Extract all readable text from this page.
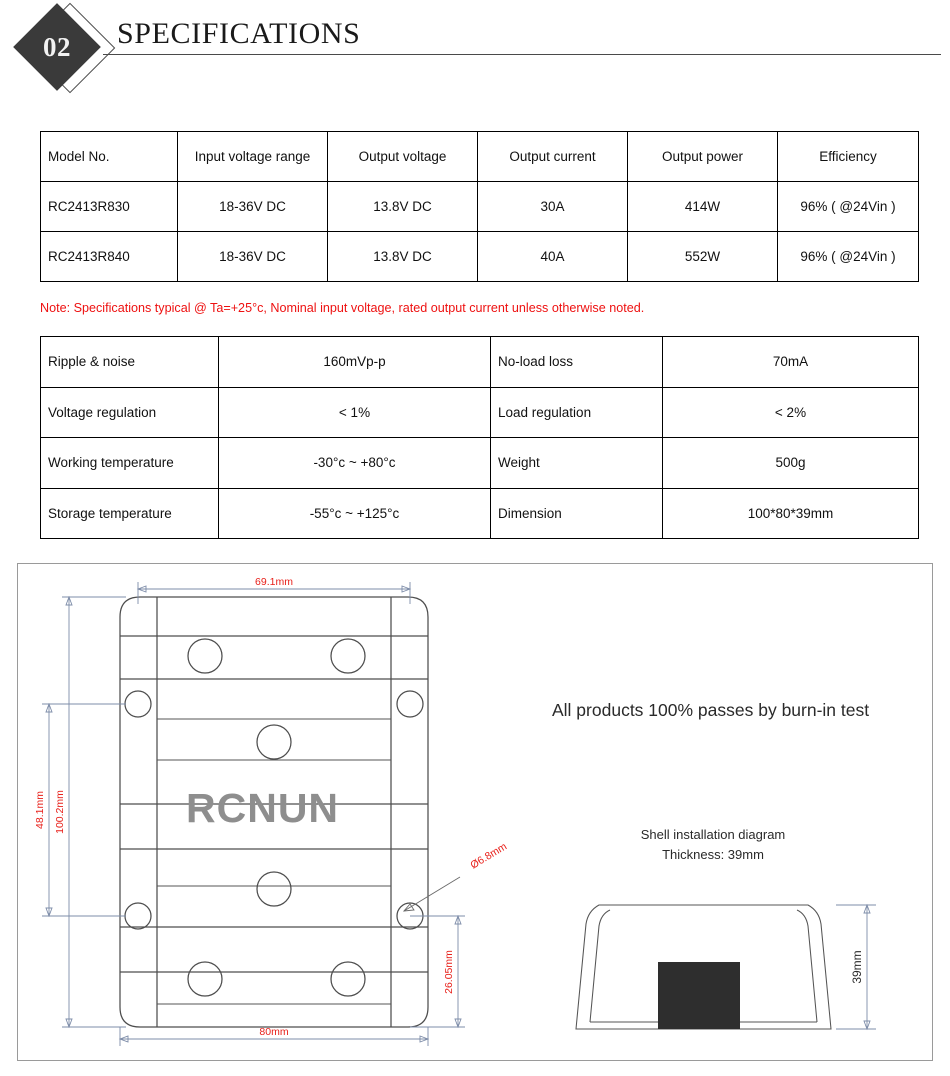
02	SPECIFICATIONS
Model No.	Input voltage range	Output voltage	Output current	Output power	Efficiency
RC2413R830	18-36V DC	13.8V DC	30A	414W	96% ( @24Vin )
RC2413R840	18-36V DC	13.8V DC	40A	552W	96% ( @24Vin )
Note: Specifications typical @ Ta=+25°c, Nominal input voltage, rated output current unless otherwise noted.
Ripple & noise	160mVp-p	No-load loss	70mA
Voltage regulation	< 1%	Load regulation	< 2%
Working temperature	-30°c ~ +80°c	Weight	500g
Storage temperature	-55°c ~ +125°c	Dimension	100*80*39mm
RCNUN
69.1mm
48.1mm 100.2mm
Ø6.8mm
26.05mm
80mm
All products 100% passes by burn-in test
Shell installation diagram
Thickness: 39mm
39mm
